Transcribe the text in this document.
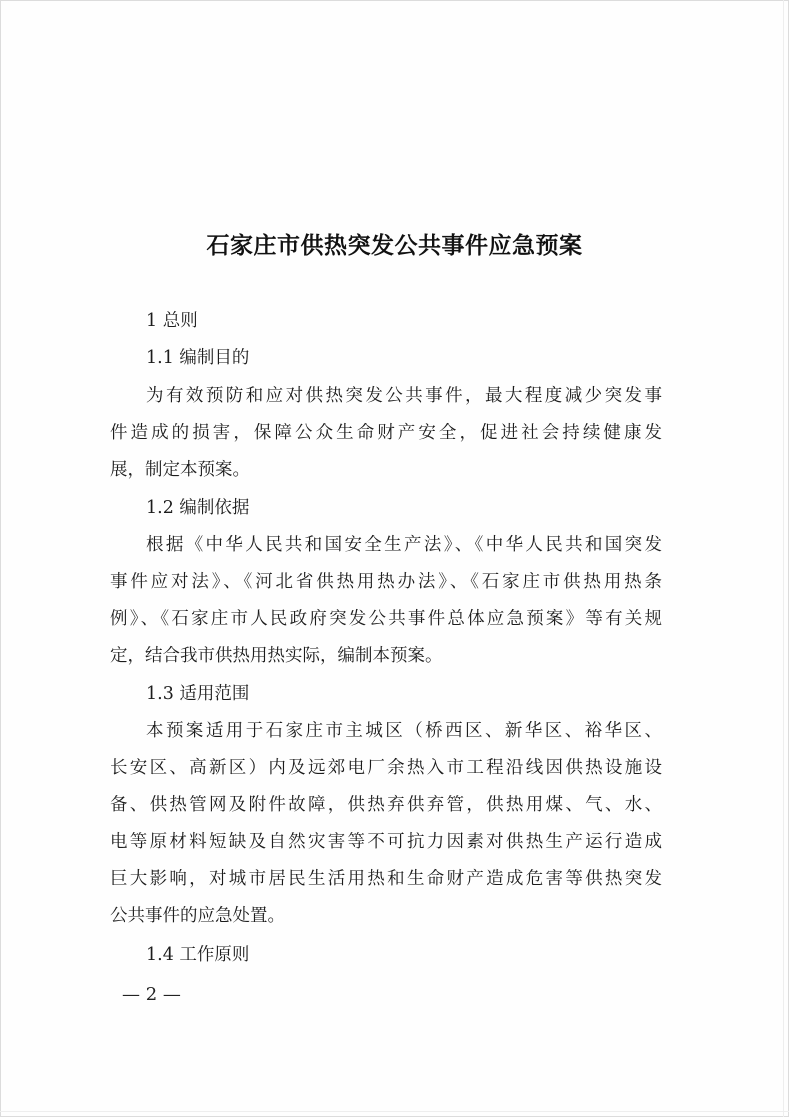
石家庄市供热突发公共事件应急预案
1 总则
1.1 编制目的
为有效预防和应对供热突发公共事件，最大程度减少突发事
件造成的损害，保障公众生命财产安全，促进社会持续健康发
展，制定本预案。
1.2 编制依据
根据《中华人民共和国安全生产法》、《中华人民共和国突发
事件应对法》、《河北省供热用热办法》、《石家庄市供热用热条
例》、《石家庄市人民政府突发公共事件总体应急预案》等有关规
定，结合我市供热用热实际，编制本预案。
1.3 适用范围
本预案适用于石家庄市主城区（桥西区、新华区、裕华区、
长安区、高新区）内及远郊电厂余热入市工程沿线因供热设施设
备、供热管网及附件故障，供热弃供弃管，供热用煤、气、水、
电等原材料短缺及自然灾害等不可抗力因素对供热生产运行造成
巨大影响，对城市居民生活用热和生命财产造成危害等供热突发
公共事件的应急处置。
1.4 工作原则
— 2 —
